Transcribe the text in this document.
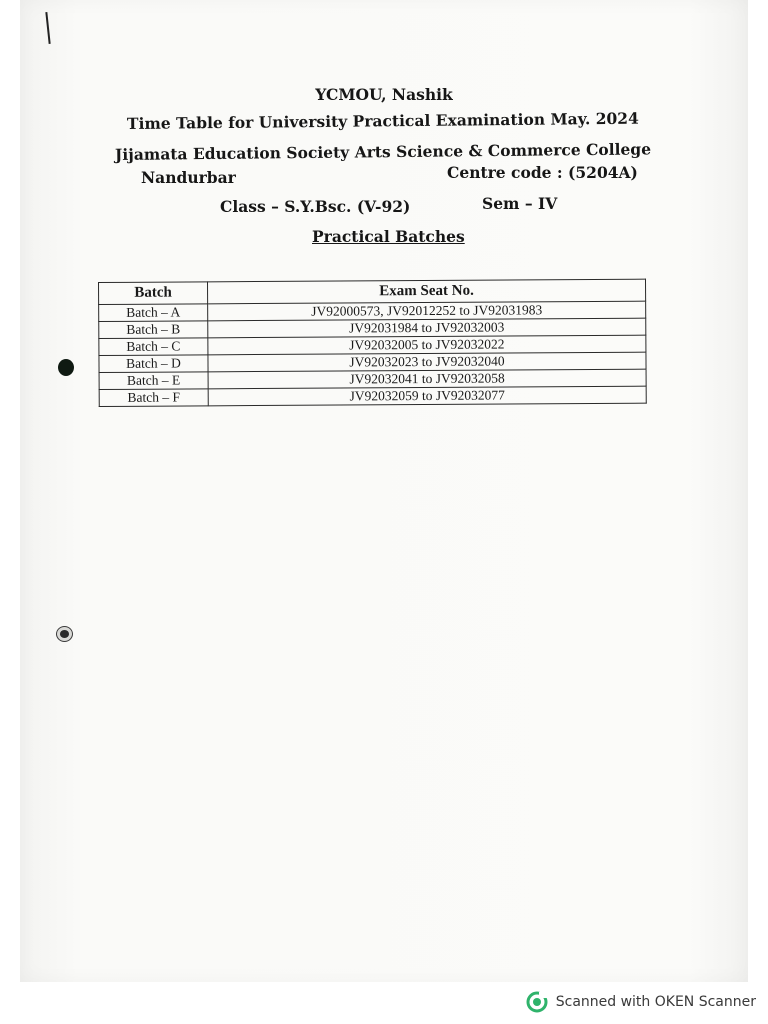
YCMOU, Nashik
Time Table for University Practical Examination May. 2024
Jijamata Education Society Arts Science & Commerce College
Nandurbar	Centre code : (5204A)
Class – S.Y.Bsc. (V-92)	Sem – IV
Practical Batches
Batch	Exam Seat No.
Batch – A	JV92000573, JV92012252 to JV92031983
Batch – B	JV92031984 to JV92032003
Batch – C	JV92032005 to JV92032022
Batch – D	JV92032023 to JV92032040
Batch – E	JV92032041 to JV92032058
Batch – F	JV92032059 to JV92032077
Scanned with OKEN Scanner
